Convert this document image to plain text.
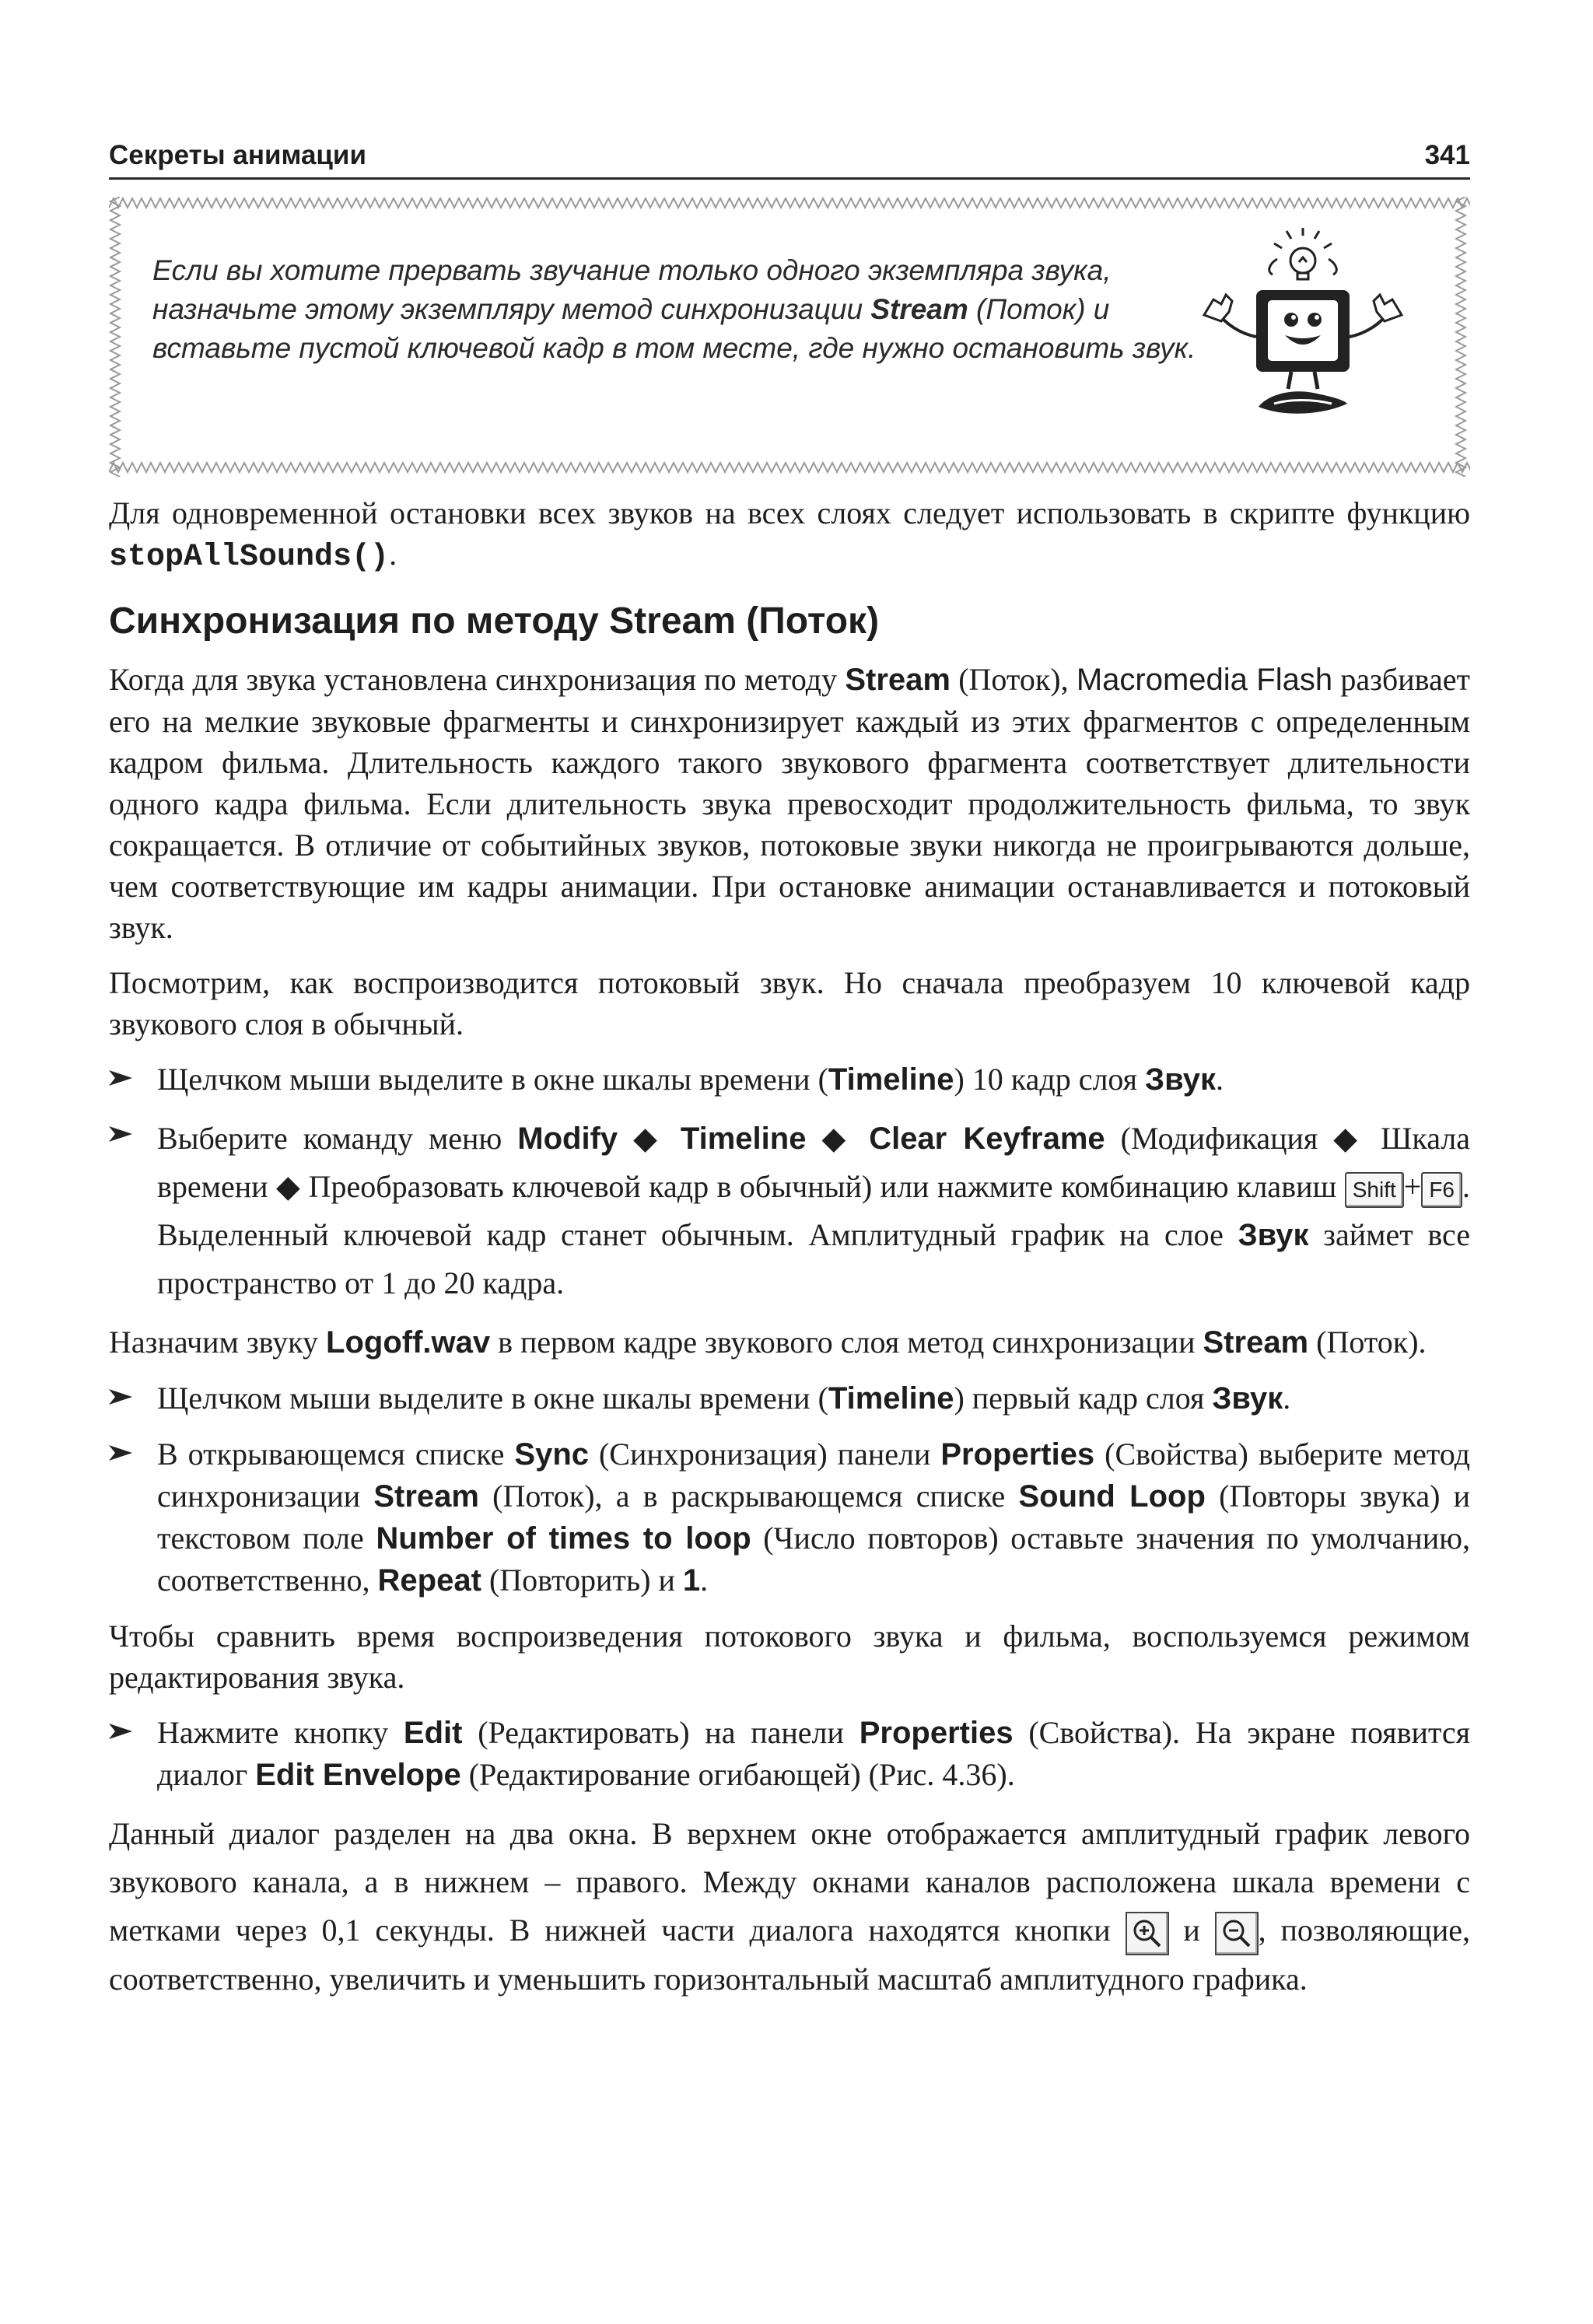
Секреты анимации	341
Если вы хотите прервать звучание только одного экземпляра звука, назначьте этому экземпляру метод синхронизации Stream (Поток) и вставьте пустой ключевой кадр в том месте, где нужно остановить звук.

Для одновременной остановки всех звуков на всех слоях следует использовать в скрипте функцию stopAllSounds().

Синхронизация по методу Stream (Поток)

Когда для звука установлена синхронизация по методу Stream (Поток), Macromedia Flash разбивает его на мелкие звуковые фрагменты и синхронизирует каждый из этих фрагментов с определенным кадром фильма. Длительность каждого такого звукового фрагмента соответствует длительности одного кадра фильма. Если длительность звука превосходит продолжительность фильма, то звук сокращается. В отличие от событийных звуков, потоковые звуки никогда не проигрываются дольше, чем соответствующие им кадры анимации. При остановке анимации останавливается и потоковый звук.

Посмотрим, как воспроизводится потоковый звук. Но сначала преобразуем 10 ключевой кадр звукового слоя в обычный.

Щелчком мыши выделите в окне шкалы времени (Timeline) 10 кадр слоя Звук.
Выберите команду меню Modify ◆ Timeline ◆ Clear Keyframe (Модификация ◆ Шкала времени ◆ Преобразовать ключевой кадр в обычный) или нажмите комбинацию клавиш Shift + F6 . Выделенный ключевой кадр станет обычным. Амплитудный график на слое Звук займет все пространство от 1 до 20 кадра.

Назначим звуку Logoff.wav в первом кадре звукового слоя метод синхронизации Stream (Поток).

Щелчком мыши выделите в окне шкалы времени (Timeline) первый кадр слоя Звук.
В открывающемся списке Sync (Синхронизация) панели Properties (Свойства) выберите метод синхронизации Stream (Поток), а в раскрывающемся списке Sound Loop (Повторы звука) и текстовом поле Number of times to loop (Число повторов) оставьте значения по умолчанию, соответственно, Repeat (Повторить) и 1.

Чтобы сравнить время воспроизведения потокового звука и фильма, воспользуемся режимом редактирования звука.

Нажмите кнопку Edit (Редактировать) на панели Properties (Свойства). На экране появится диалог Edit Envelope (Редактирование огибающей) (Рис. 4.36).

Данный диалог разделен на два окна. В верхнем окне отображается амплитудный график левого звукового канала, а в нижнем – правого. Между окнами каналов расположена шкала времени с метками через 0,1 секунды. В нижней части диалога находятся кнопки  и , позволяющие, соответственно, увеличить и уменьшить горизонтальный масштаб амплитудного графика.
